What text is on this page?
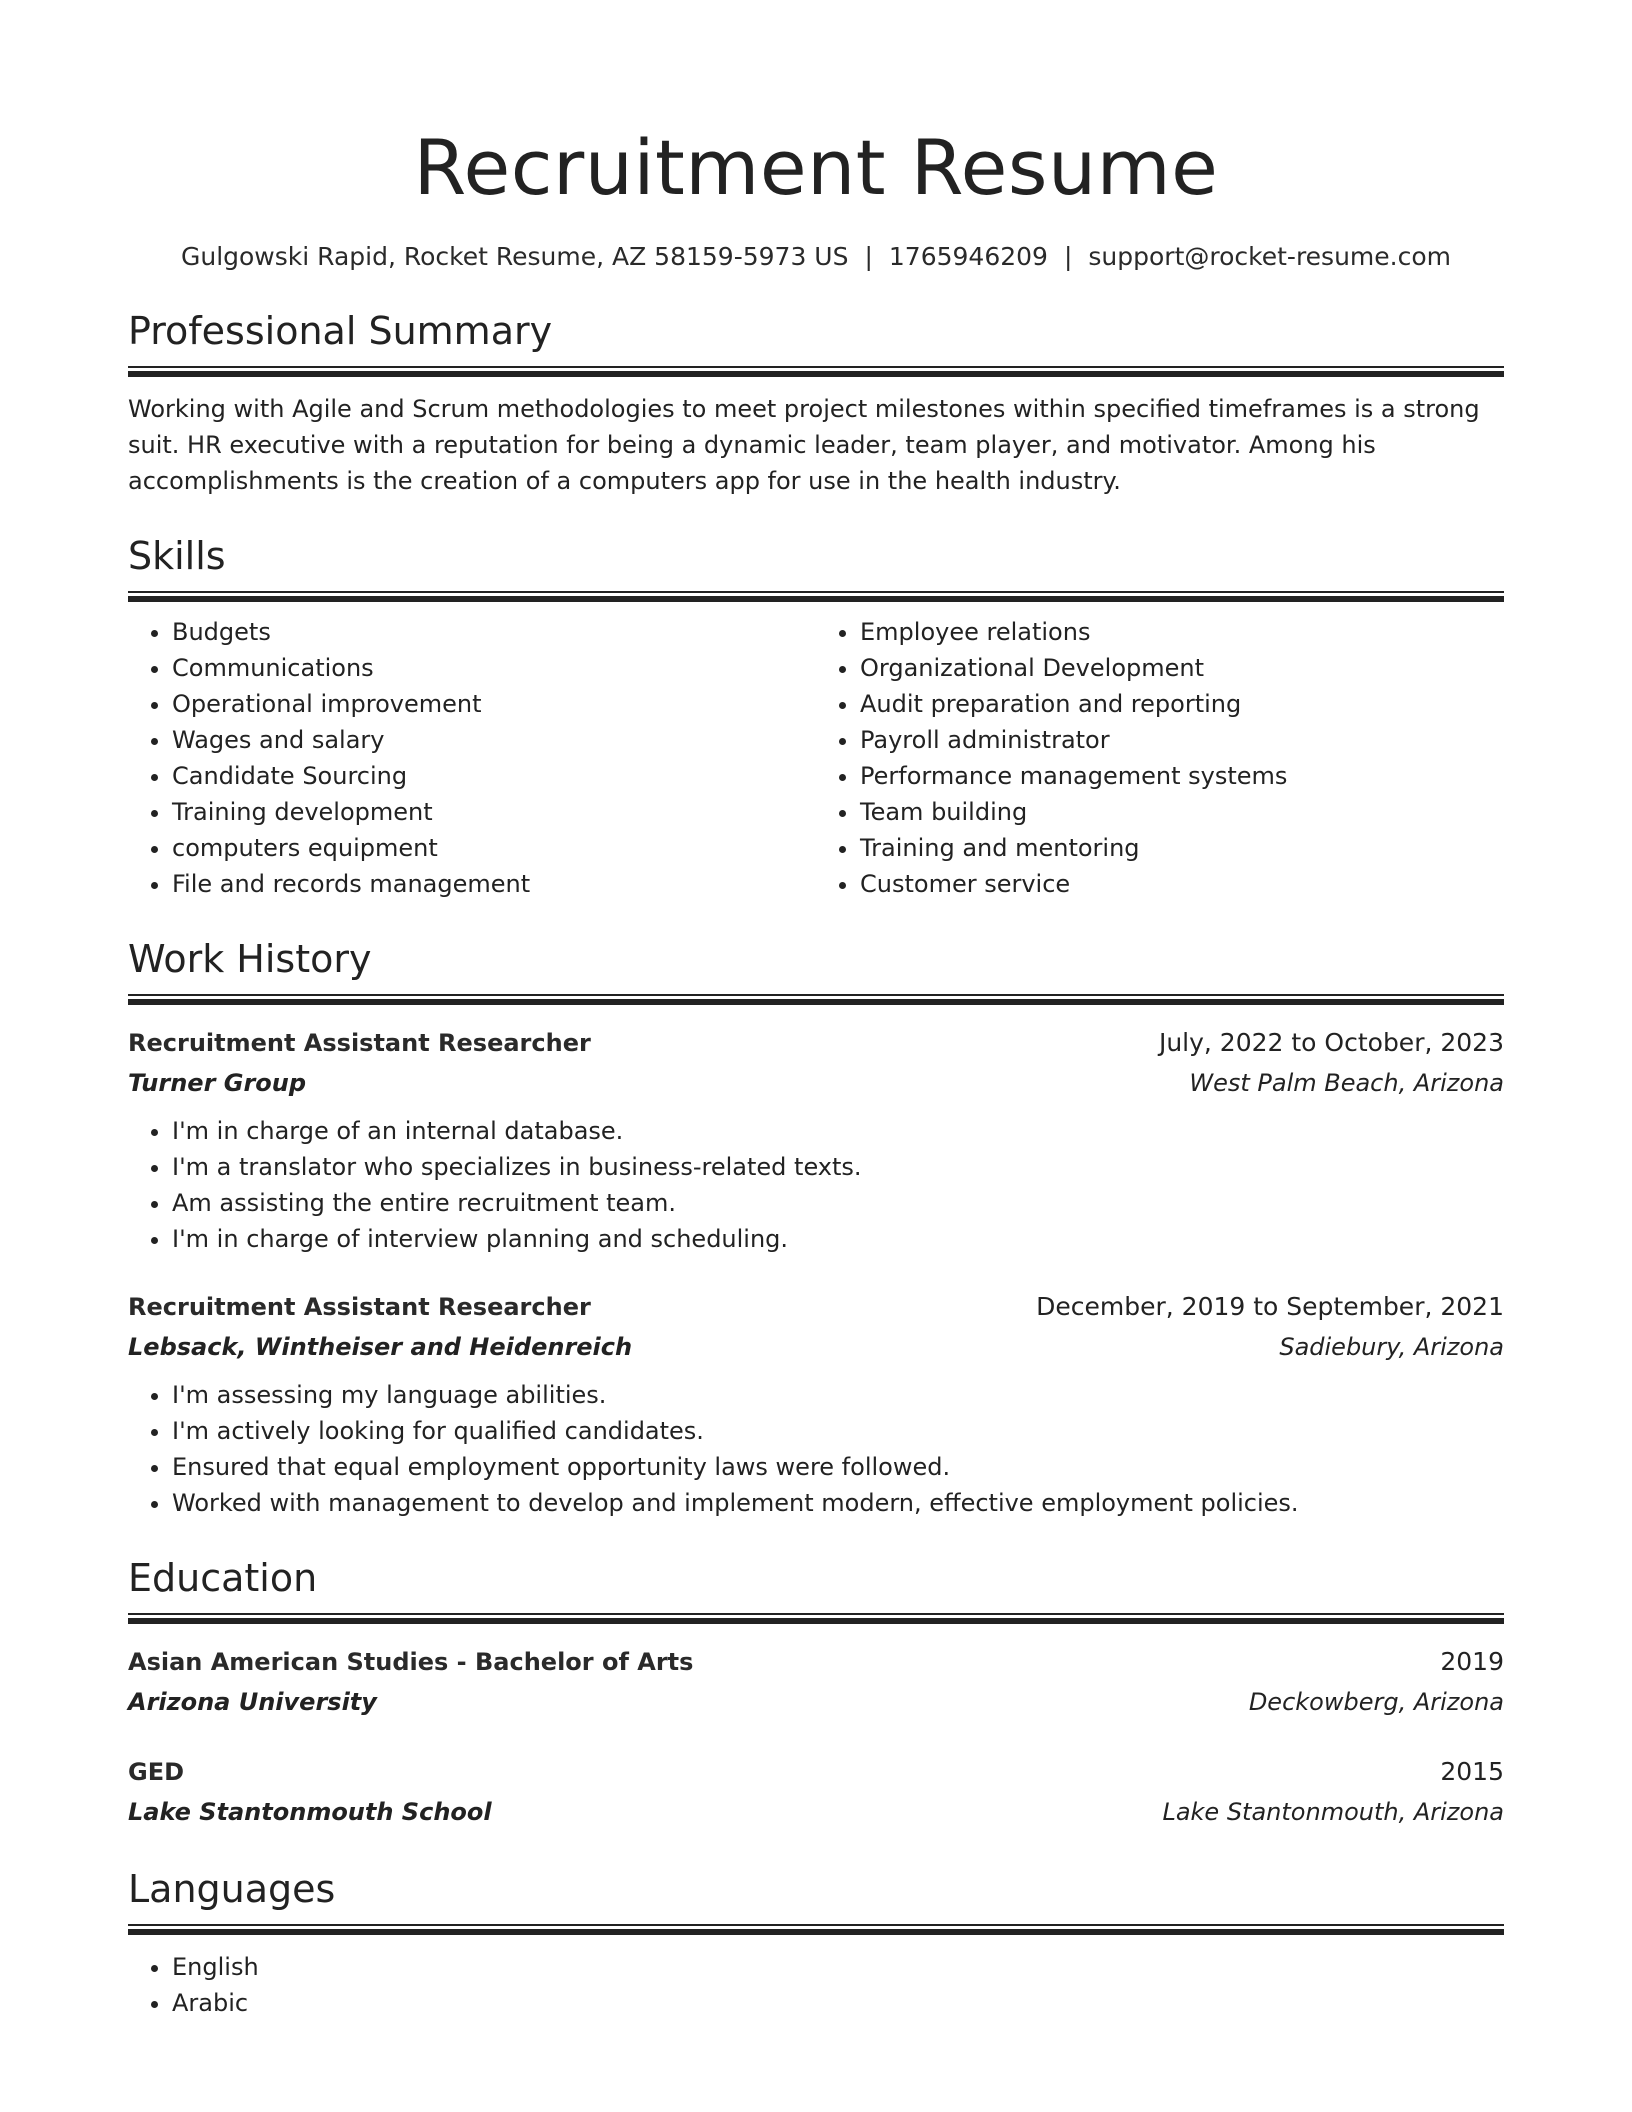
Recruitment Resume
Gulgowski Rapid, Rocket Resume, AZ 58159-5973 US | 1765946209 | support@rocket-resume.com
Professional Summary

Working with Agile and Scrum methodologies to meet project milestones within specified timeframes is a strong suit. HR executive with a reputation for being a dynamic leader, team player, and motivator. Among his accomplishments is the creation of a computers app for use in the health industry.

Skills
• Budgets
• Communications
• Operational improvement
• Wages and salary
• Candidate Sourcing
• Training development
• computers equipment
• File and records management
• Employee relations
• Organizational Development
• Audit preparation and reporting
• Payroll administrator
• Performance management systems
• Team building
• Training and mentoring
• Customer service
Work History
Recruitment Assistant Researcher	July, 2022 to October, 2023
Turner Group	West Palm Beach, Arizona
• I'm in charge of an internal database.
• I'm a translator who specializes in business-related texts.
• Am assisting the entire recruitment team.
• I'm in charge of interview planning and scheduling.
Recruitment Assistant Researcher	December, 2019 to September, 2021
Lebsack, Wintheiser and Heidenreich	Sadiebury, Arizona
• I'm assessing my language abilities.
• I'm actively looking for qualified candidates.
• Ensured that equal employment opportunity laws were followed.
• Worked with management to develop and implement modern, effective employment policies.
Education
Asian American Studies - Bachelor of Arts	2019
Arizona University	Deckowberg, Arizona
GED	2015
Lake Stantonmouth School	Lake Stantonmouth, Arizona
Languages
• English
• Arabic
